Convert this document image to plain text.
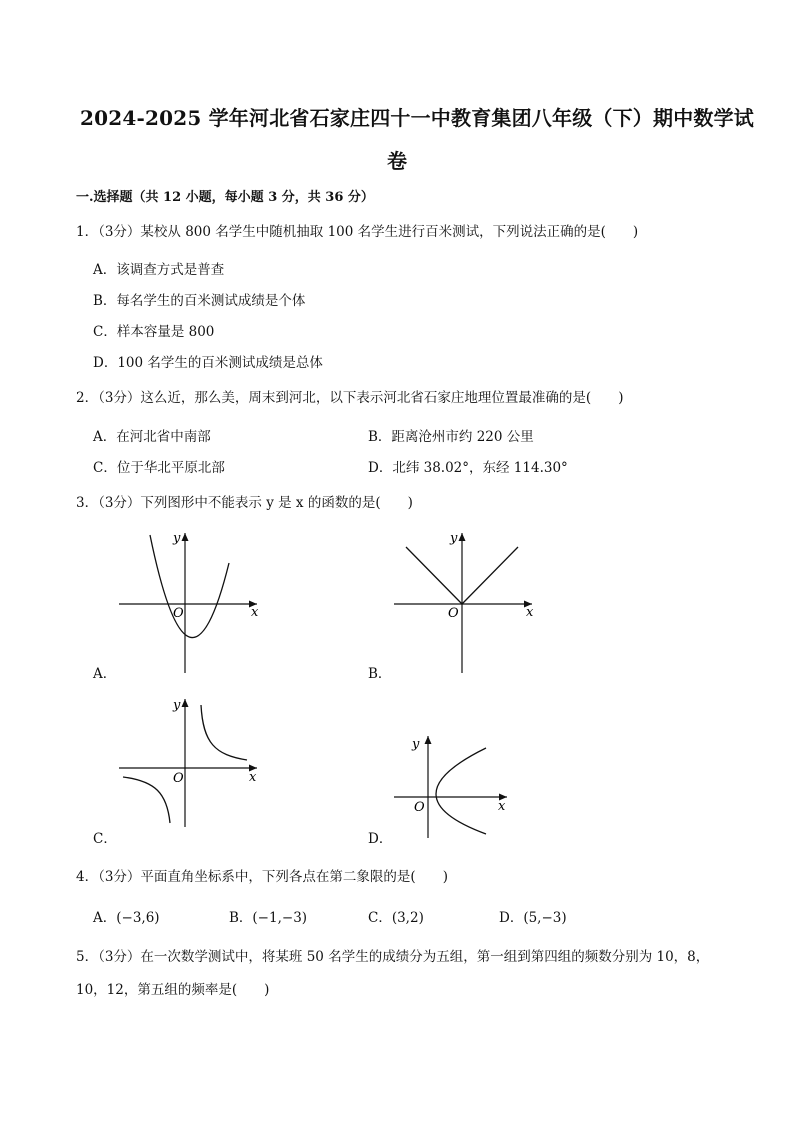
2024-2025 学年河北省石家庄四十一中教育集团八年级（下）期中数学试
卷
一.选择题（共 12 小题，每小题 3 分，共 36 分）
1．（3分）某校从 800 名学生中随机抽取 100 名学生进行百米测试，下列说法正确的是(　　)
A．该调查方式是普查
B．每名学生的百米测试成绩是个体
C．样本容量是 800
D．100 名学生的百米测试成绩是总体
2．（3分）这么近，那么美，周末到河北，以下表示河北省石家庄地理位置最准确的是(　　)
A．在河北省中南部	B．距离沧州市约 220 公里
C．位于华北平原北部	D．北纬 38.02°，东经 114.30°
3．（3分）下列图形中不能表示 y 是 x 的函数的是(　　)
x
y
O
A．
x
y
O
B．
x
y
O
C．
x
y
O
D．
4．（3分）平面直角坐标系中，下列各点在第二象限的是(　　)
A．(−3,6)	B．(−1,−3)	C．(3,2)	D．(5,−3)
5．（3分）在一次数学测试中，将某班 50 名学生的成绩分为五组，第一组到第四组的频数分别为 10，8，
10，12，第五组的频率是(　　)
